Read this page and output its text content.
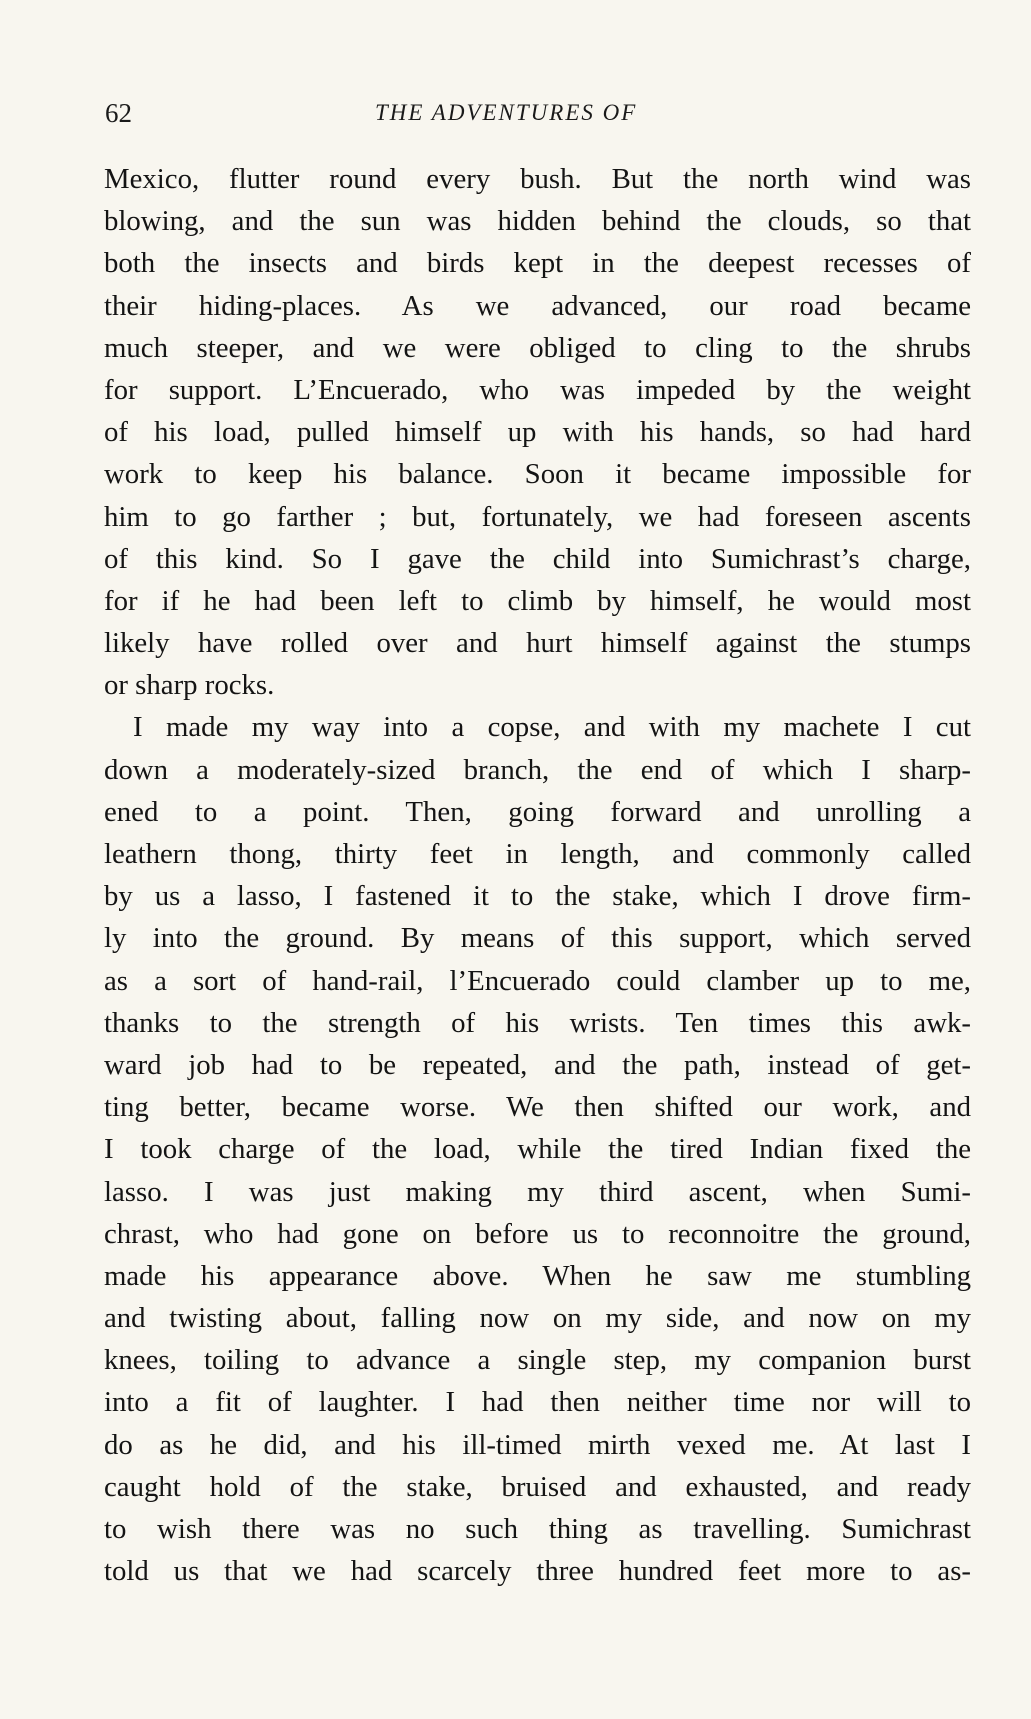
62	THE ADVENTURES OF
Mexico, flutter round every bush. But the north wind was
blowing, and the sun was hidden behind the clouds, so that
both the insects and birds kept in the deepest recesses of
their hiding-places. As we advanced, our road became
much steeper, and we were obliged to cling to the shrubs
for support. L’Encuerado, who was impeded by the weight
of his load, pulled himself up with his hands, so had hard
work to keep his balance. Soon it became impossible for
him to go farther ; but, fortunately, we had foreseen ascents
of this kind. So I gave the child into Sumichrast’s charge,
for if he had been left to climb by himself, he would most
likely have rolled over and hurt himself against the stumps
or sharp rocks.
I made my way into a copse, and with my machete I cut
down a moderately-sized branch, the end of which I sharp-
ened to a point. Then, going forward and unrolling a
leathern thong, thirty feet in length, and commonly called
by us a lasso, I fastened it to the stake, which I drove firm-
ly into the ground. By means of this support, which served
as a sort of hand-rail, l’Encuerado could clamber up to me,
thanks to the strength of his wrists. Ten times this awk-
ward job had to be repeated, and the path, instead of get-
ting better, became worse. We then shifted our work, and
I took charge of the load, while the tired Indian fixed the
lasso. I was just making my third ascent, when Sumi-
chrast, who had gone on before us to reconnoitre the ground,
made his appearance above. When he saw me stumbling
and twisting about, falling now on my side, and now on my
knees, toiling to advance a single step, my companion burst
into a fit of laughter. I had then neither time nor will to
do as he did, and his ill-timed mirth vexed me. At last I
caught hold of the stake, bruised and exhausted, and ready
to wish there was no such thing as travelling. Sumichrast
told us that we had scarcely three hundred feet more to as-
